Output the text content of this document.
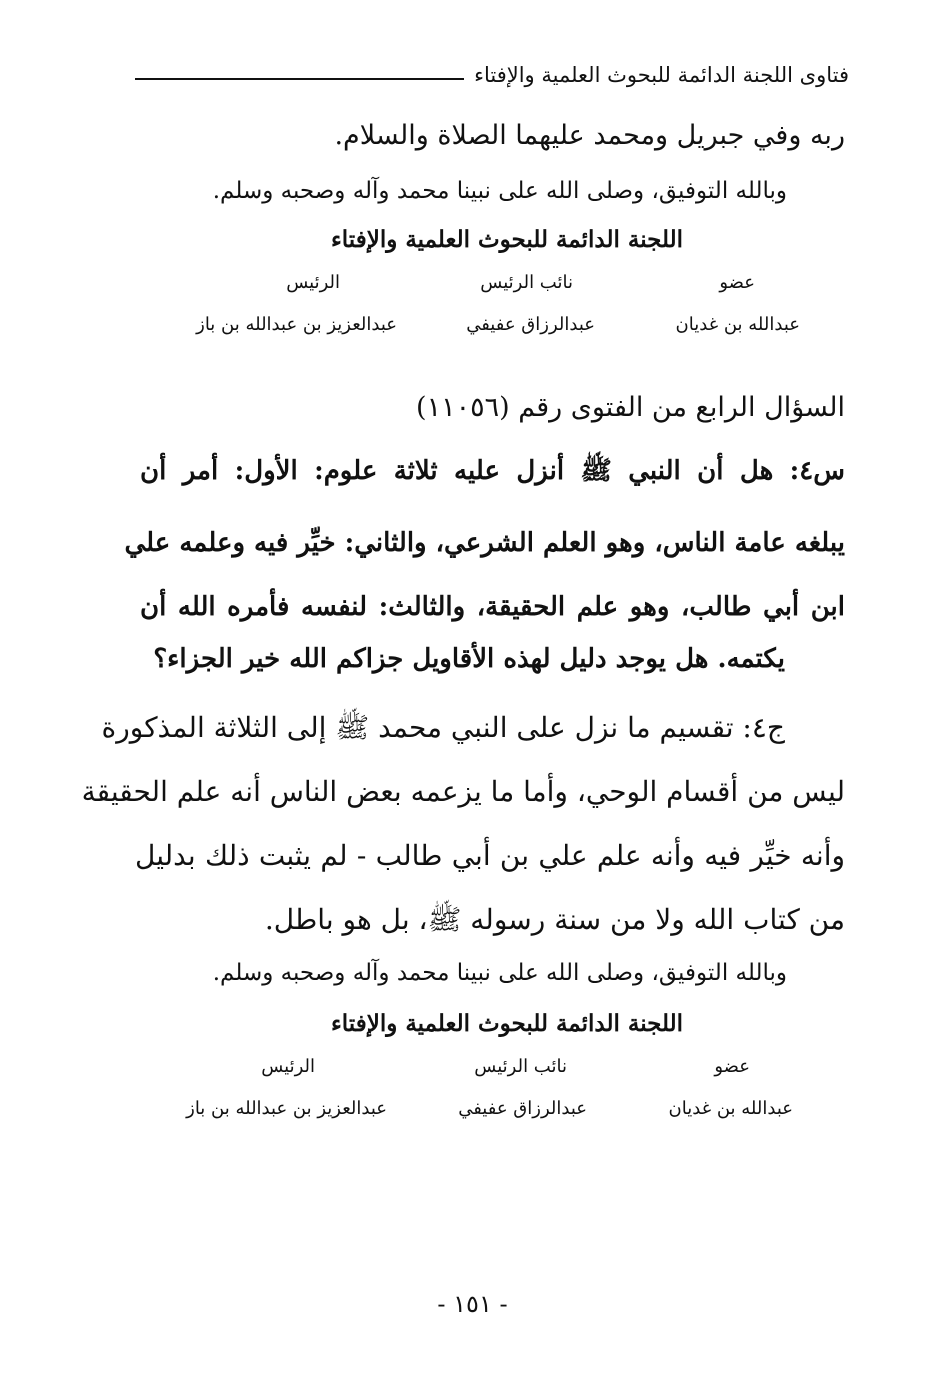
فتاوى اللجنة الدائمة للبحوث العلمية والإفتاء
ربه وفي جبريل ومحمد عليهما الصلاة والسلام.
وبالله التوفيق، وصلى الله على نبينا محمد وآله وصحبه وسلم.
اللجنة الدائمة للبحوث العلمية والإفتاء
عضو
نائب الرئيس
الرئيس
عبدالله بن غديان
عبدالرزاق عفيفي
عبدالعزيز بن عبدالله بن باز
السؤال الرابع من الفتوى رقم (١١٠٥٦)
س٤: هل أن النبي ﷺ أنزل عليه ثلاثة علوم: الأول: أمر أن
يبلغه عامة الناس، وهو العلم الشرعي، والثاني: خيِّر فيه وعلمه علي
ابن أبي طالب، وهو علم الحقيقة، والثالث: لنفسه فأمره الله أن
يكتمه. هل يوجد دليل لهذه الأقاويل جزاكم الله خير الجزاء؟
ج٤: تقسيم ما نزل على النبي محمد ﷺ إلى الثلاثة المذكورة
ليس من أقسام الوحي، وأما ما يزعمه بعض الناس أنه علم الحقيقة
وأنه خيِّر فيه وأنه علم علي بن أبي طالب - لم يثبت ذلك بدليل
من كتاب الله ولا من سنة رسوله ﷺ، بل هو باطل.
وبالله التوفيق، وصلى الله على نبينا محمد وآله وصحبه وسلم.
اللجنة الدائمة للبحوث العلمية والإفتاء
عضو
نائب الرئيس
الرئيس
عبدالله بن غديان
عبدالرزاق عفيفي
عبدالعزيز بن عبدالله بن باز
- ١٥١ -
